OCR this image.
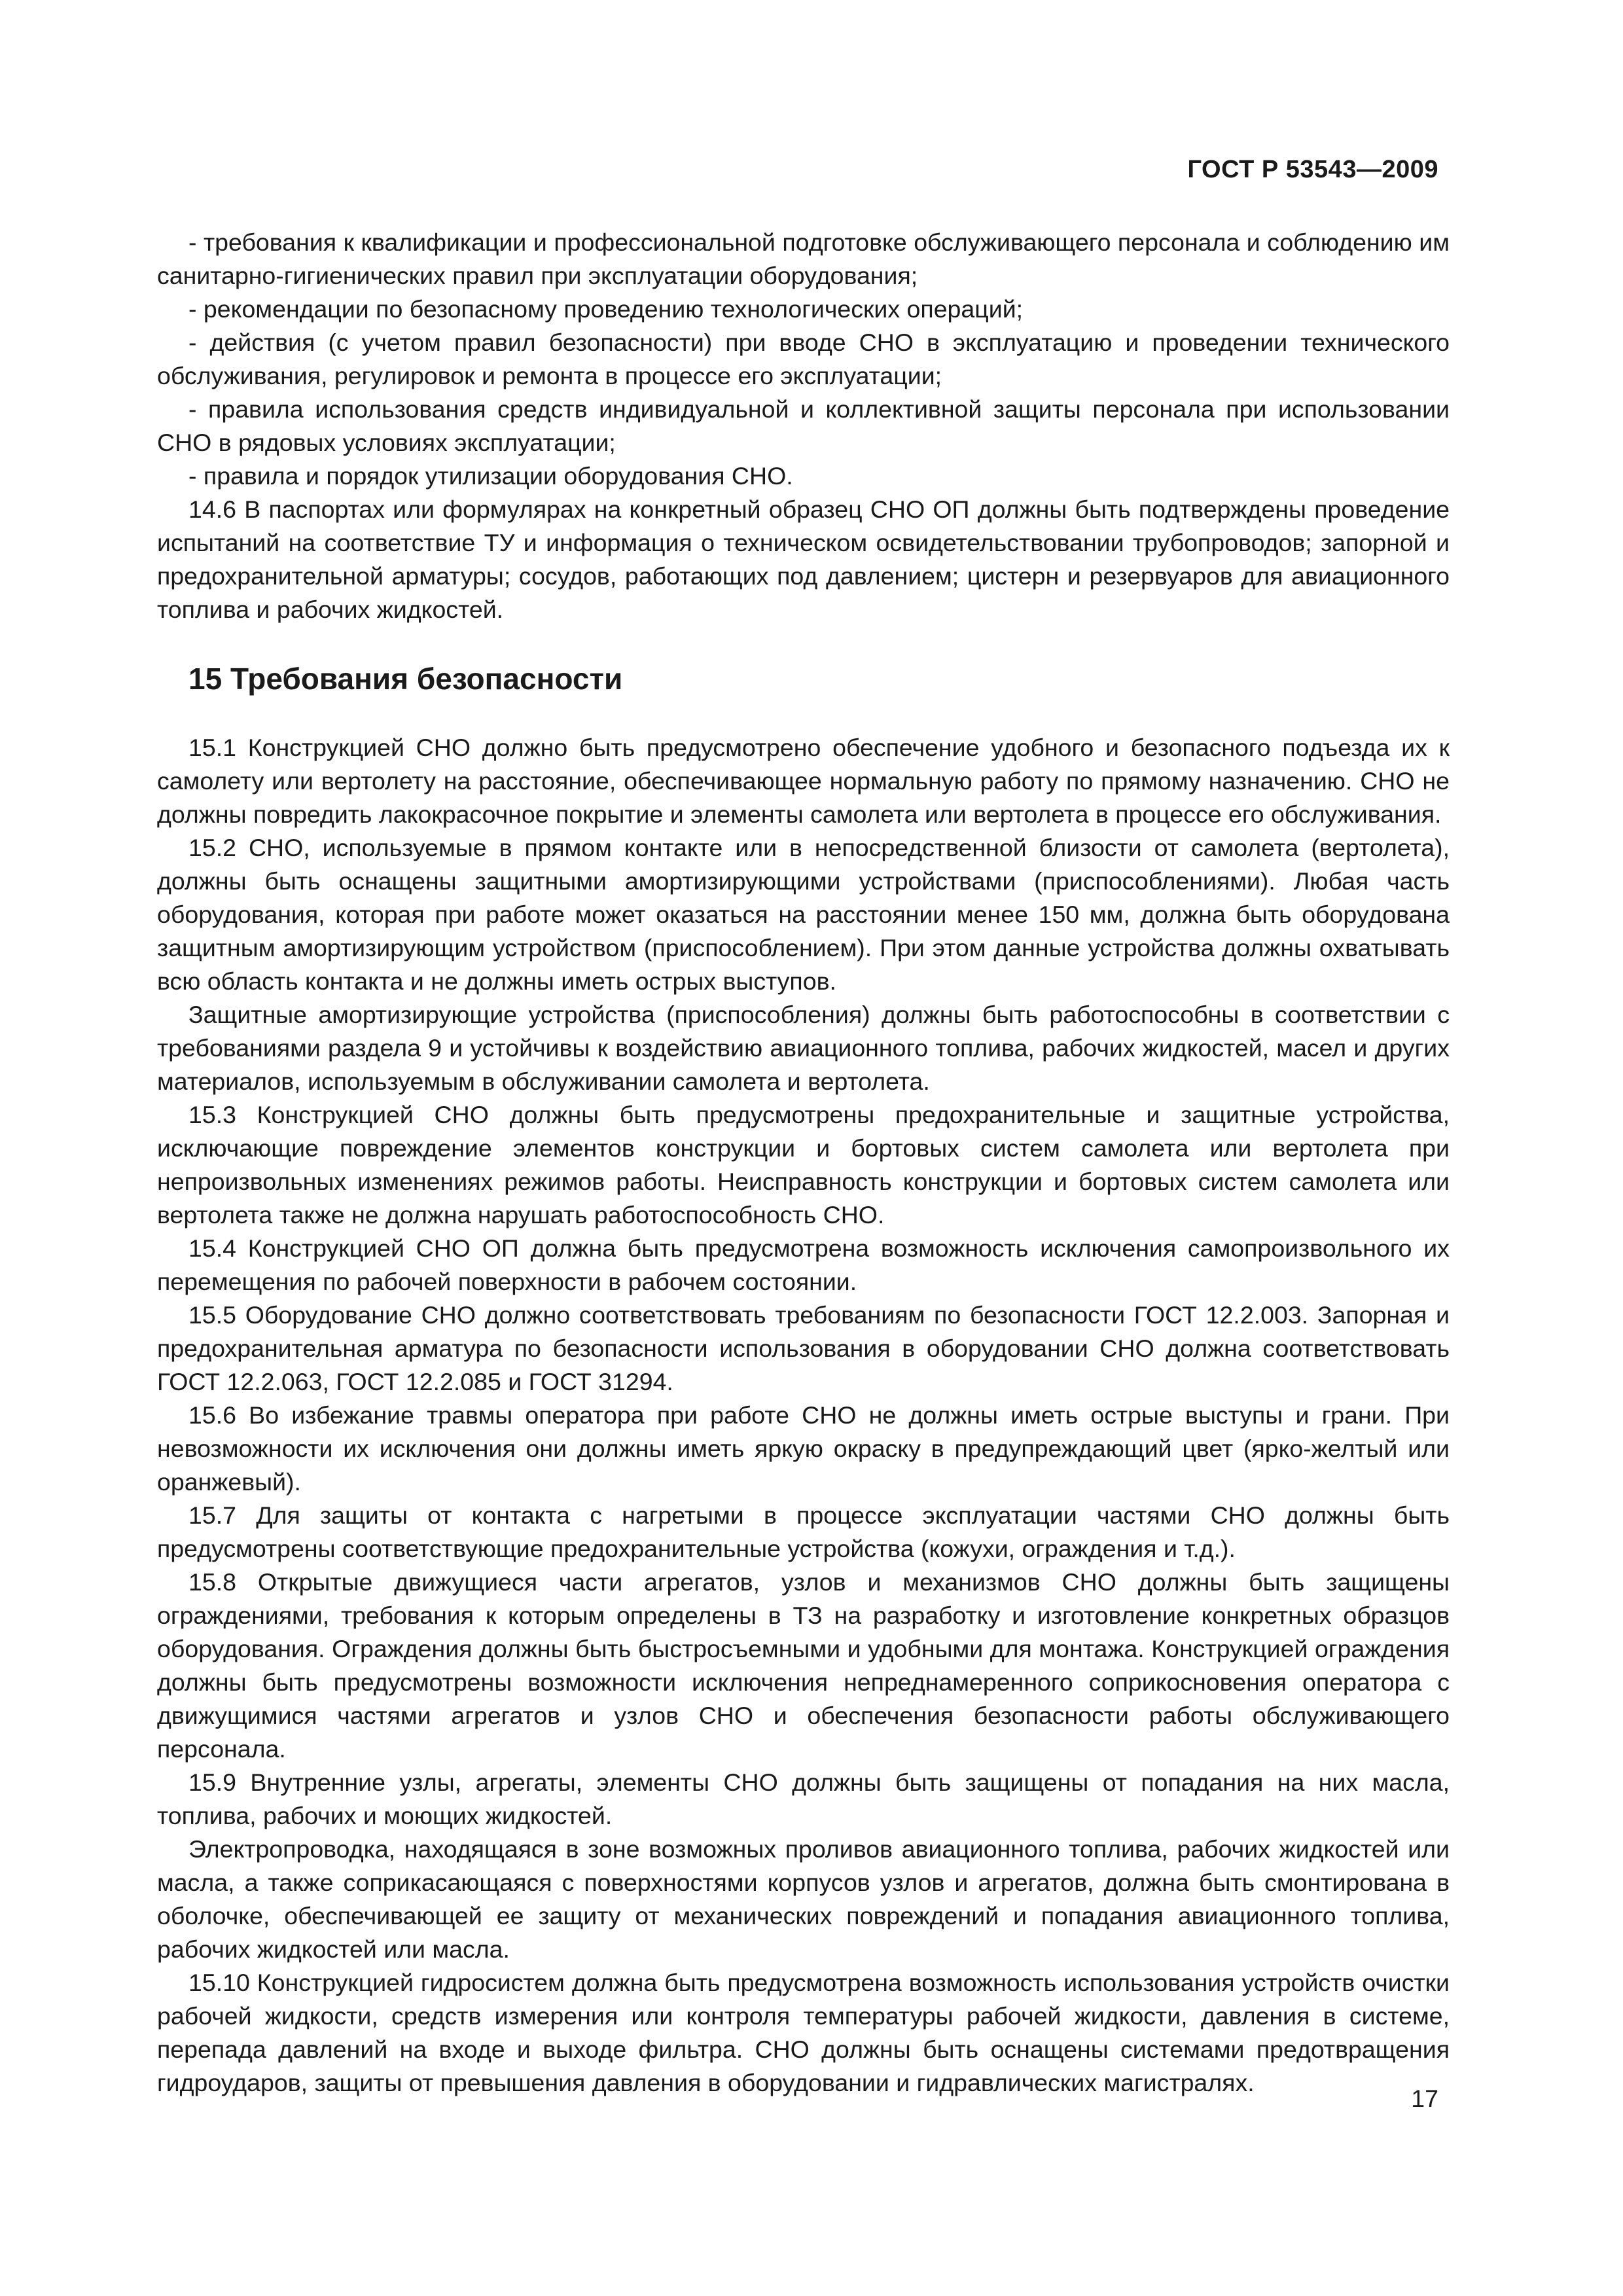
ГОСТ Р 53543—2009

- требования к квалификации и профессиональной подготовке обслуживающего персонала и соблюдению им санитарно-гигиенических правил при эксплуатации оборудования;

- рекомендации по безопасному проведению технологических операций;

- действия (с учетом правил безопасности) при вводе СНО в эксплуатацию и проведении технического обслуживания, регулировок и ремонта в процессе его эксплуатации;

- правила использования средств индивидуальной и коллективной защиты персонала при использовании СНО в рядовых условиях эксплуатации;

- правила и порядок утилизации оборудования СНО.

14.6 В паспортах или формулярах на конкретный образец СНО ОП должны быть подтверждены проведение испытаний на соответствие ТУ и информация о техническом освидетельствовании трубопроводов; запорной и предохранительной арматуры; сосудов, работающих под давлением; цистерн и резервуаров для авиационного топлива и рабочих жидкостей.

15 Требования безопасности

15.1 Конструкцией СНО должно быть предусмотрено обеспечение удобного и безопасного подъезда их к самолету или вертолету на расстояние, обеспечивающее нормальную работу по прямому назначению. СНО не должны повредить лакокрасочное покрытие и элементы самолета или вертолета в процессе его обслуживания.

15.2 СНО, используемые в прямом контакте или в непосредственной близости от самолета (вертолета), должны быть оснащены защитными амортизирующими устройствами (приспособлениями). Любая часть оборудования, которая при работе может оказаться на расстоянии менее 150 мм, должна быть оборудована защитным амортизирующим устройством (приспособлением). При этом данные устройства должны охватывать всю область контакта и не должны иметь острых выступов.

Защитные амортизирующие устройства (приспособления) должны быть работоспособны в соответствии с требованиями раздела 9 и устойчивы к воздействию авиационного топлива, рабочих жидкостей, масел и других материалов, используемым в обслуживании самолета и вертолета.

15.3 Конструкцией СНО должны быть предусмотрены предохранительные и защитные устройства, исключающие повреждение элементов конструкции и бортовых систем самолета или вертолета при непроизвольных изменениях режимов работы. Неисправность конструкции и бортовых систем самолета или вертолета также не должна нарушать работоспособность СНО.

15.4 Конструкцией СНО ОП должна быть предусмотрена возможность исключения самопроизвольного их перемещения по рабочей поверхности в рабочем состоянии.

15.5 Оборудование СНО должно соответствовать требованиям по безопасности ГОСТ 12.2.003. Запорная и предохранительная арматура по безопасности использования в оборудовании СНО должна соответствовать ГОСТ 12.2.063, ГОСТ 12.2.085 и ГОСТ 31294.

15.6 Во избежание травмы оператора при работе СНО не должны иметь острые выступы и грани. При невозможности их исключения они должны иметь яркую окраску в предупреждающий цвет (ярко-желтый или оранжевый).

15.7 Для защиты от контакта с нагретыми в процессе эксплуатации частями СНО должны быть предусмотрены соответствующие предохранительные устройства (кожухи, ограждения и т.д.).

15.8 Открытые движущиеся части агрегатов, узлов и механизмов СНО должны быть защищены ограждениями, требования к которым определены в ТЗ на разработку и изготовление конкретных образцов оборудования. Ограждения должны быть быстросъемными и удобными для монтажа. Конструкцией ограждения должны быть предусмотрены возможности исключения непреднамеренного соприкосновения оператора с движущимися частями агрегатов и узлов СНО и обеспечения безопасности работы обслуживающего персонала.

15.9 Внутренние узлы, агрегаты, элементы СНО должны быть защищены от попадания на них масла, топлива, рабочих и моющих жидкостей.

Электропроводка, находящаяся в зоне возможных проливов авиационного топлива, рабочих жидкостей или масла, а также соприкасающаяся с поверхностями корпусов узлов и агрегатов, должна быть смонтирована в оболочке, обеспечивающей ее защиту от механических повреждений и попадания авиационного топлива, рабочих жидкостей или масла.

15.10 Конструкцией гидросистем должна быть предусмотрена возможность использования устройств очистки рабочей жидкости, средств измерения или контроля температуры рабочей жидкости, давления в системе, перепада давлений на входе и выходе фильтра. СНО должны быть оснащены системами предотвращения гидроударов, защиты от превышения давления в оборудовании и гидравлических магистралях.

17
